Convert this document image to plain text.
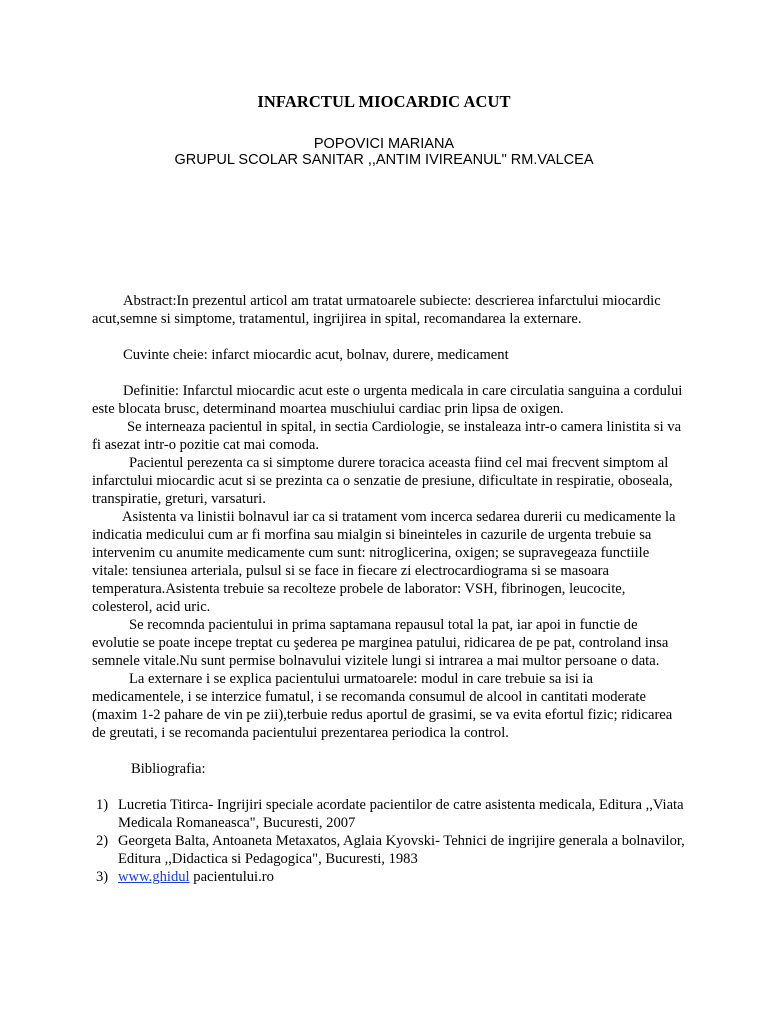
INFARCTUL MIOCARDIC ACUT
POPOVICI MARIANA
GRUPUL SCOLAR SANITAR ,,ANTIM IVIREANUL" RM.VALCEA

Abstract:In prezentul articol am tratat urmatoarele subiecte: descrierea infarctului miocardic acut,semne si simptome, tratamentul, ingrijirea in spital, recomandarea la externare.

Cuvinte cheie: infarct miocardic acut, bolnav, durere, medicament

Definitie: Infarctul miocardic acut este o urgenta medicala in care circulatia sanguina a cordului este blocata brusc, determinand moartea muschiului cardiac prin lipsa de oxigen.

Se interneaza pacientul in spital, in sectia Cardiologie, se instaleaza intr-o camera linistita si va fi asezat intr-o pozitie cat mai comoda.

Pacientul perezenta ca si simptome durere toracica aceasta fiind cel mai frecvent simptom al infarctului miocardic acut si se prezinta ca o senzatie de presiune, dificultate in respiratie, oboseala, transpiratie, greturi, varsaturi.

Asistenta va linistii bolnavul iar ca si tratament vom incerca sedarea durerii cu medicamente la indicatia medicului cum ar fi morfina sau mialgin si bineinteles in cazurile de urgenta trebuie sa intervenim cu anumite medicamente cum sunt: nitroglicerina, oxigen; se supravegeaza functiile vitale: tensiunea arteriala, pulsul si se face in fiecare zi electrocardiograma si se masoara temperatura.Asistenta trebuie sa recolteze probele de laborator: VSH, fibrinogen, leucocite, colesterol, acid uric.

Se recomnda pacientului in prima saptamana repausul total la pat, iar apoi in functie de evolutie se poate incepe treptat cu şederea pe marginea patului, ridicarea de pe pat, controland insa semnele vitale.Nu sunt permise bolnavului vizitele lungi si intrarea a mai multor persoane o data.

La externare i se explica pacientului urmatoarele: modul in care trebuie sa isi ia medicamentele, i se interzice fumatul, i se recomanda consumul de alcool in cantitati moderate (maxim 1-2 pahare de vin pe zii),terbuie redus aportul de grasimi, se va evita efortul fizic; ridicarea de greutati, i se recomanda pacientului prezentarea periodica la control.

Bibliografia:

1) Lucretia Titirca- Ingrijiri speciale acordate pacientilor de catre asistenta medicala, Editura ,,Viata Medicala Romaneasca", Bucuresti, 2007
2) Georgeta Balta, Antoaneta Metaxatos, Aglaia Kyovski- Tehnici de ingrijire generala a bolnavilor, Editura ,,Didactica si Pedagogica", Bucuresti, 1983
3) www.ghidul pacientului.ro
